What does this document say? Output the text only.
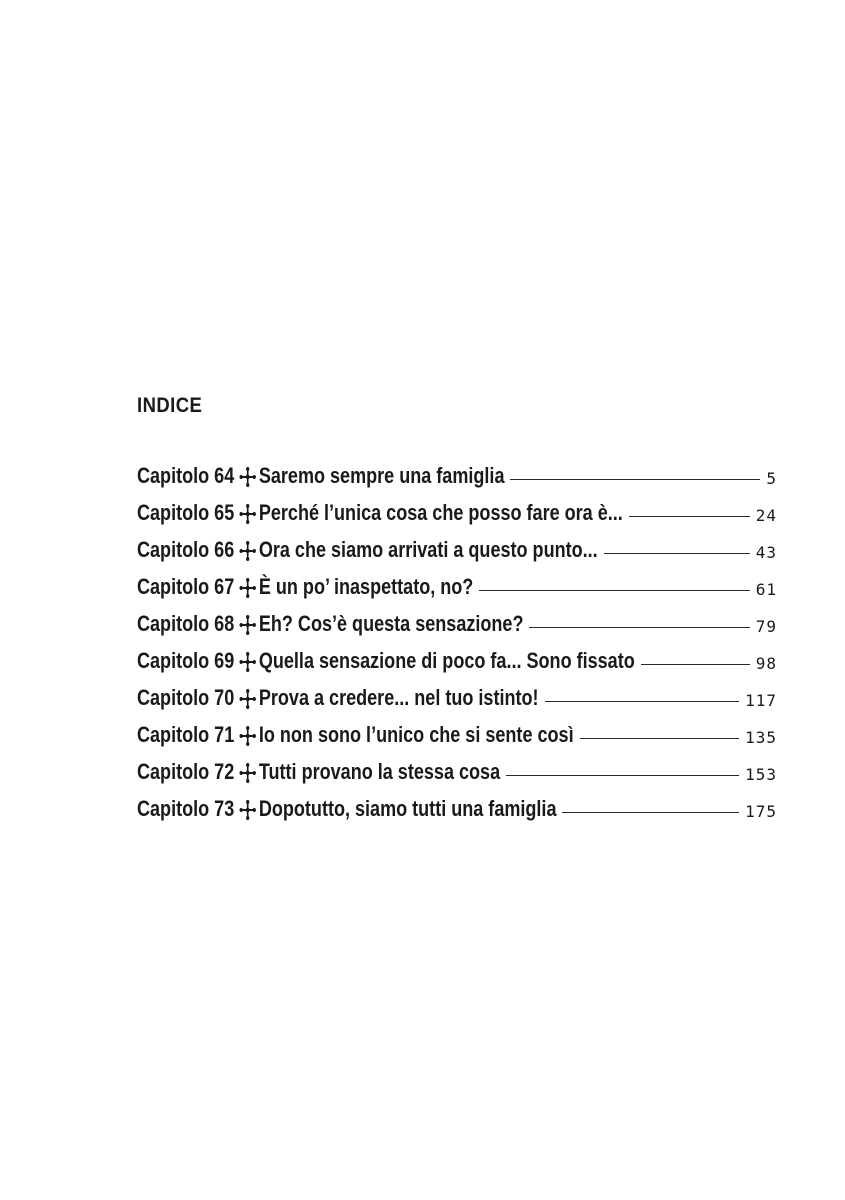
INDICE
Capitolo 64 Saremo sempre una famiglia	5
Capitolo 65 Perché l’unica cosa che posso fare ora è...	24
Capitolo 66 Ora che siamo arrivati a questo punto...	43
Capitolo 67 È un po’ inaspettato, no?	61
Capitolo 68 Eh? Cos’è questa sensazione?	79
Capitolo 69 Quella sensazione di poco fa... Sono fissato	98
Capitolo 70 Prova a credere... nel tuo istinto!	117
Capitolo 71 Io non sono l’unico che si sente così	135
Capitolo 72 Tutti provano la stessa cosa	153
Capitolo 73 Dopotutto, siamo tutti una famiglia	175
